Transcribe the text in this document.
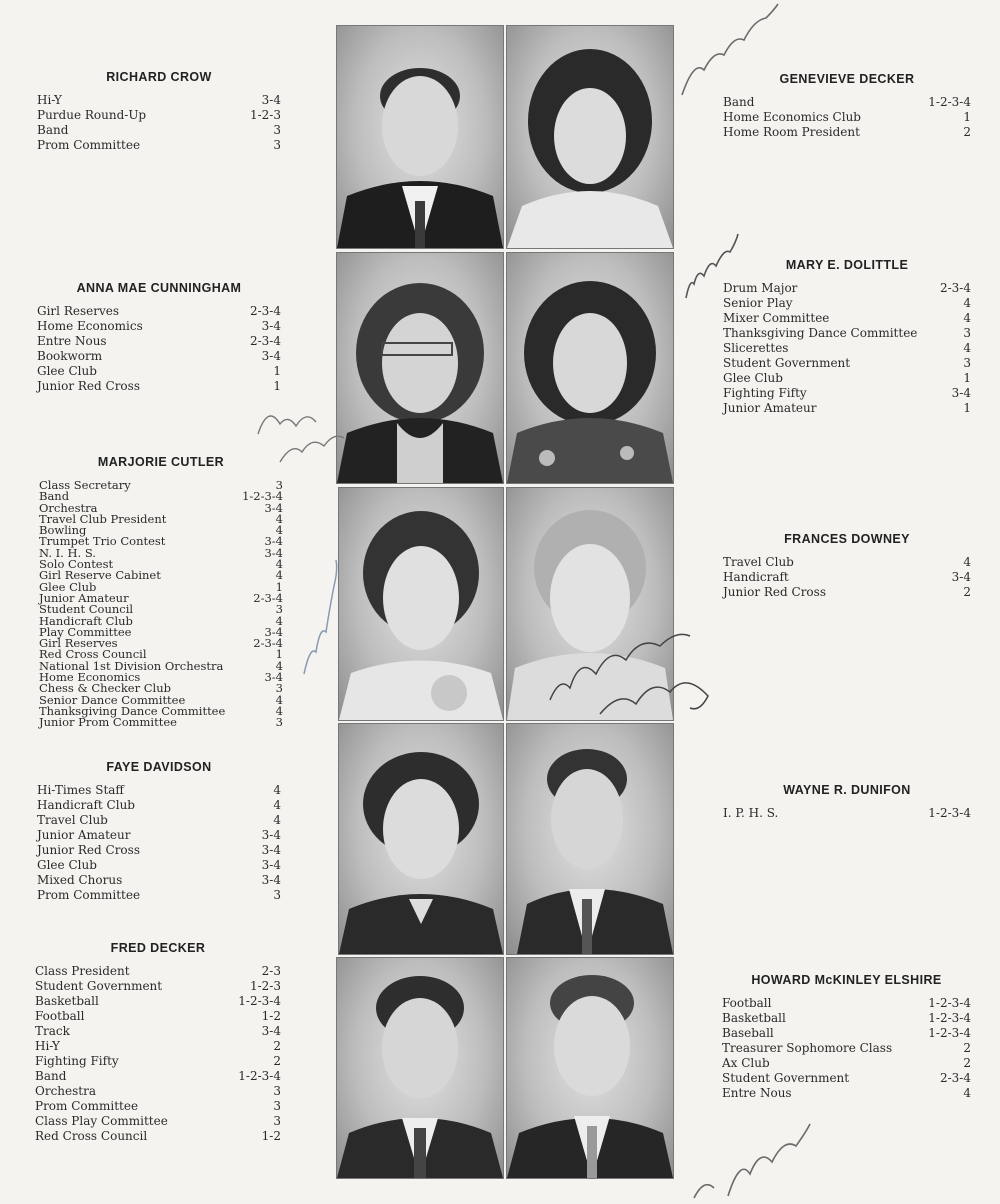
RICHARD CROW
Hi-Y	3-4
Purdue Round-Up	1-2-3
Band	3
Prom Committee	3
ANNA MAE CUNNINGHAM
Girl Reserves	2-3-4
Home Economics	3-4
Entre Nous	2-3-4
Bookworm	3-4
Glee Club	1
Junior Red Cross	1
MARJORIE CUTLER
Class Secretary	3
Band	1-2-3-4
Orchestra	3-4
Travel Club President	4
Bowling	4
Trumpet Trio Contest	3-4
N. I. H. S.	3-4
Solo Contest	4
Girl Reserve Cabinet	4
Glee Club	1
Junior Amateur	2-3-4
Student Council	3
Handicraft Club	4
Play Committee	3-4
Girl Reserves	2-3-4
Red Cross Council	1
National 1st Division Orchestra	4
Home Economics	3-4
Chess & Checker Club	3
Senior Dance Committee	4
Thanksgiving Dance Committee	4
Junior Prom Committee	3
FAYE DAVIDSON
Hi-Times Staff	4
Handicraft Club	4
Travel Club	4
Junior Amateur	3-4
Junior Red Cross	3-4
Glee Club	3-4
Mixed Chorus	3-4
Prom Committee	3
FRED DECKER
Class President	2-3
Student Government	1-2-3
Basketball	1-2-3-4
Football	1-2
Track	3-4
Hi-Y	2
Fighting Fifty	2
Band	1-2-3-4
Orchestra	3
Prom Committee	3
Class Play Committee	3
Red Cross Council	1-2
GENEVIEVE DECKER
Band	1-2-3-4
Home Economics Club	1
Home Room President	2
MARY E. DOLITTLE
Drum Major	2-3-4
Senior Play	4
Mixer Committee	4
Thanksgiving Dance Committee	3
Slicerettes	4
Student Government	3
Glee Club	1
Fighting Fifty	3-4
Junior Amateur	1
FRANCES DOWNEY
Travel Club	4
Handicraft	3-4
Junior Red Cross	2
WAYNE R. DUNIFON
I. P. H. S.	1-2-3-4
HOWARD McKINLEY ELSHIRE
Football	1-2-3-4
Basketball	1-2-3-4
Baseball	1-2-3-4
Treasurer Sophomore Class	2
Ax Club	2
Student Government	2-3-4
Entre Nous	4
